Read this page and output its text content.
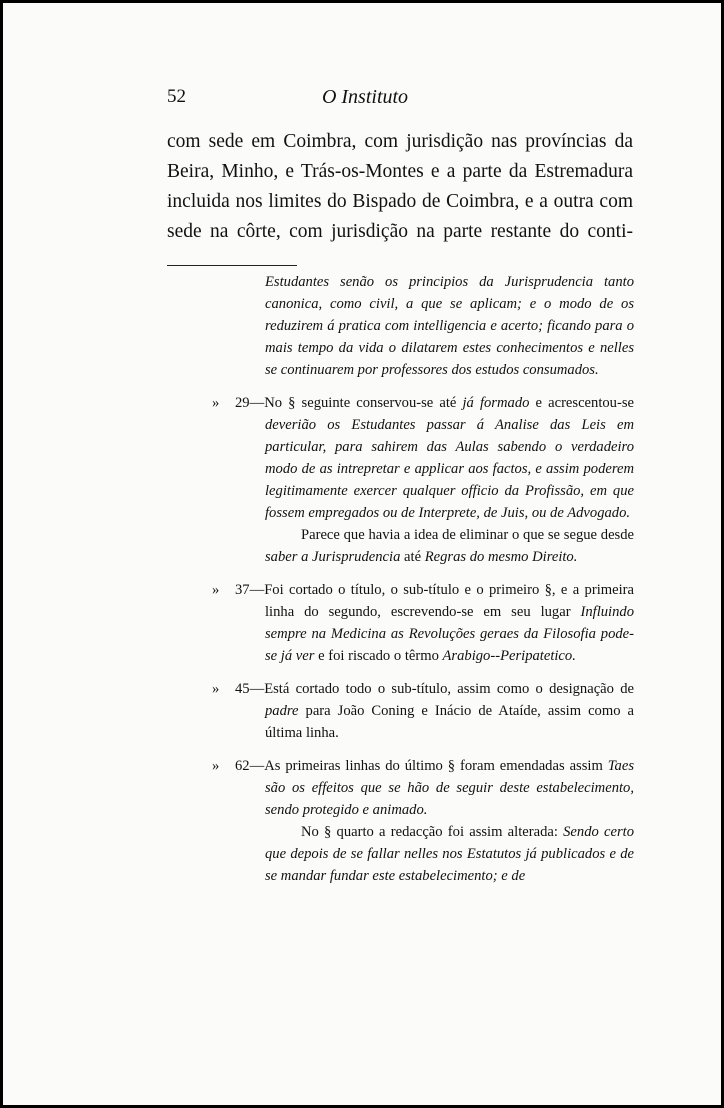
52	O Instituto

com sede em Coimbra, com jurisdição nas províncias da

Beira, Minho, e Trás-os-Montes e a parte da Estremadura

incluida nos limites do Bispado de Coimbra, e a outra com

sede na côrte, com jurisdição na parte restante do conti-

Estudantes senão os principios da Jurisprudencia tanto canonica, como civil, a que se aplicam; e o modo de os reduzirem á pratica com intelligencia e acerto; ficando para o mais tempo da vida o dilatarem estes conhecimentos e nelles se continuarem por professores dos estudos consumados.

» 29—No § seguinte conservou-se até já formado e acrescentou-se deverião os Estudantes passar á Analise das Leis em particular, para sahirem das Aulas sabendo o verdadeiro modo de as intrepretar e applicar aos factos, e assim poderem legitimamente exercer qualquer officio da Profissão, em que fossem empregados ou de Interprete, de Juis, ou de Advogado.

Parece que havia a idea de eliminar o que se segue desde saber a Jurisprudencia até Regras do mesmo Direito.

» 37—Foi cortado o título, o sub-título e o primeiro §, e a primeira linha do segundo, escrevendo-se em seu lugar Influindo sempre na Medicina as Revoluções geraes da Filosofia pode-se já ver e foi riscado o têrmo Arabigo--Peripatetico.

» 45—Está cortado todo o sub-título, assim como o designação de padre para João Coning e Inácio de Ataíde, assim como a última linha.

» 62—As primeiras linhas do último § foram emendadas assim Taes são os effeitos que se hão de seguir deste estabelecimento, sendo protegido e animado.

No § quarto a redacção foi assim alterada: Sendo certo que depois de se fallar nelles nos Estatutos já publicados e de se mandar fundar este estabelecimento; e de
